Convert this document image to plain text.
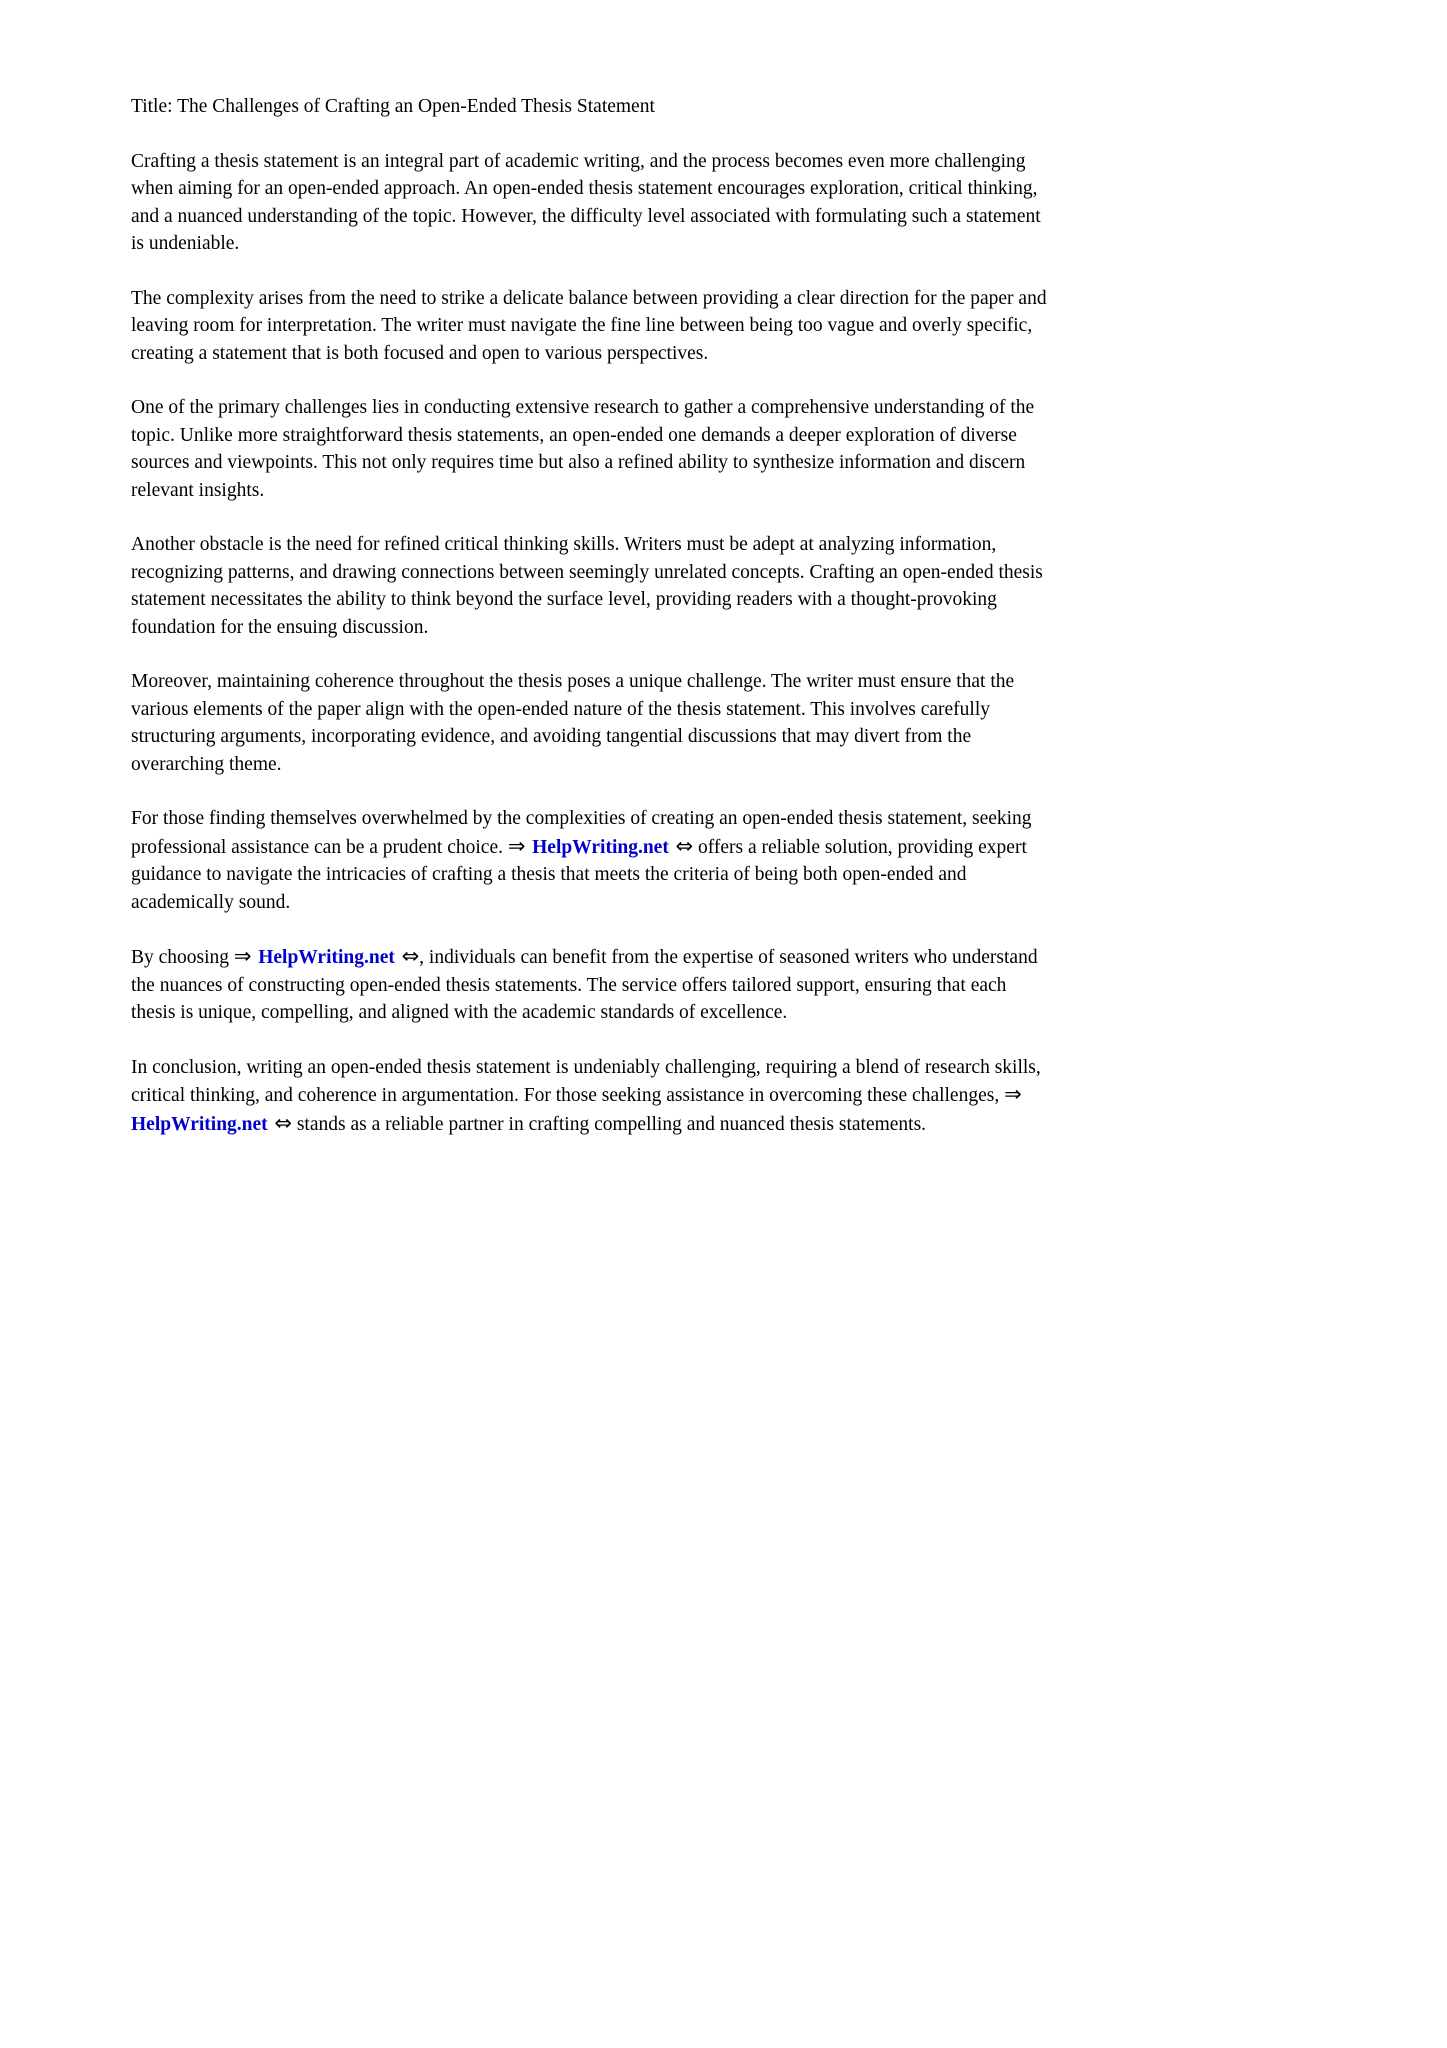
Title: The Challenges of Crafting an Open-Ended Thesis Statement

Crafting a thesis statement is an integral part of academic writing, and the process becomes even more challenging when aiming for an open-ended approach. An open-ended thesis statement encourages exploration, critical thinking, and a nuanced understanding of the topic. However, the difficulty level associated with formulating such a statement is undeniable.

The complexity arises from the need to strike a delicate balance between providing a clear direction for the paper and leaving room for interpretation. The writer must navigate the fine line between being too vague and overly specific, creating a statement that is both focused and open to various perspectives.

One of the primary challenges lies in conducting extensive research to gather a comprehensive understanding of the topic. Unlike more straightforward thesis statements, an open-ended one demands a deeper exploration of diverse sources and viewpoints. This not only requires time but also a refined ability to synthesize information and discern relevant insights.

Another obstacle is the need for refined critical thinking skills. Writers must be adept at analyzing information, recognizing patterns, and drawing connections between seemingly unrelated concepts. Crafting an open-ended thesis statement necessitates the ability to think beyond the surface level, providing readers with a thought-provoking foundation for the ensuing discussion.

Moreover, maintaining coherence throughout the thesis poses a unique challenge. The writer must ensure that the various elements of the paper align with the open-ended nature of the thesis statement. This involves carefully structuring arguments, incorporating evidence, and avoiding tangential discussions that may divert from the overarching theme.

For those finding themselves overwhelmed by the complexities of creating an open-ended thesis statement, seeking professional assistance can be a prudent choice. ⇒ HelpWriting.net ⇔ offers a reliable solution, providing expert guidance to navigate the intricacies of crafting a thesis that meets the criteria of being both open-ended and academically sound.

By choosing ⇒ HelpWriting.net ⇔, individuals can benefit from the expertise of seasoned writers who understand the nuances of constructing open-ended thesis statements. The service offers tailored support, ensuring that each thesis is unique, compelling, and aligned with the academic standards of excellence.

In conclusion, writing an open-ended thesis statement is undeniably challenging, requiring a blend of research skills, critical thinking, and coherence in argumentation. For those seeking assistance in overcoming these challenges, ⇒ HelpWriting.net ⇔ stands as a reliable partner in crafting compelling and nuanced thesis statements.
